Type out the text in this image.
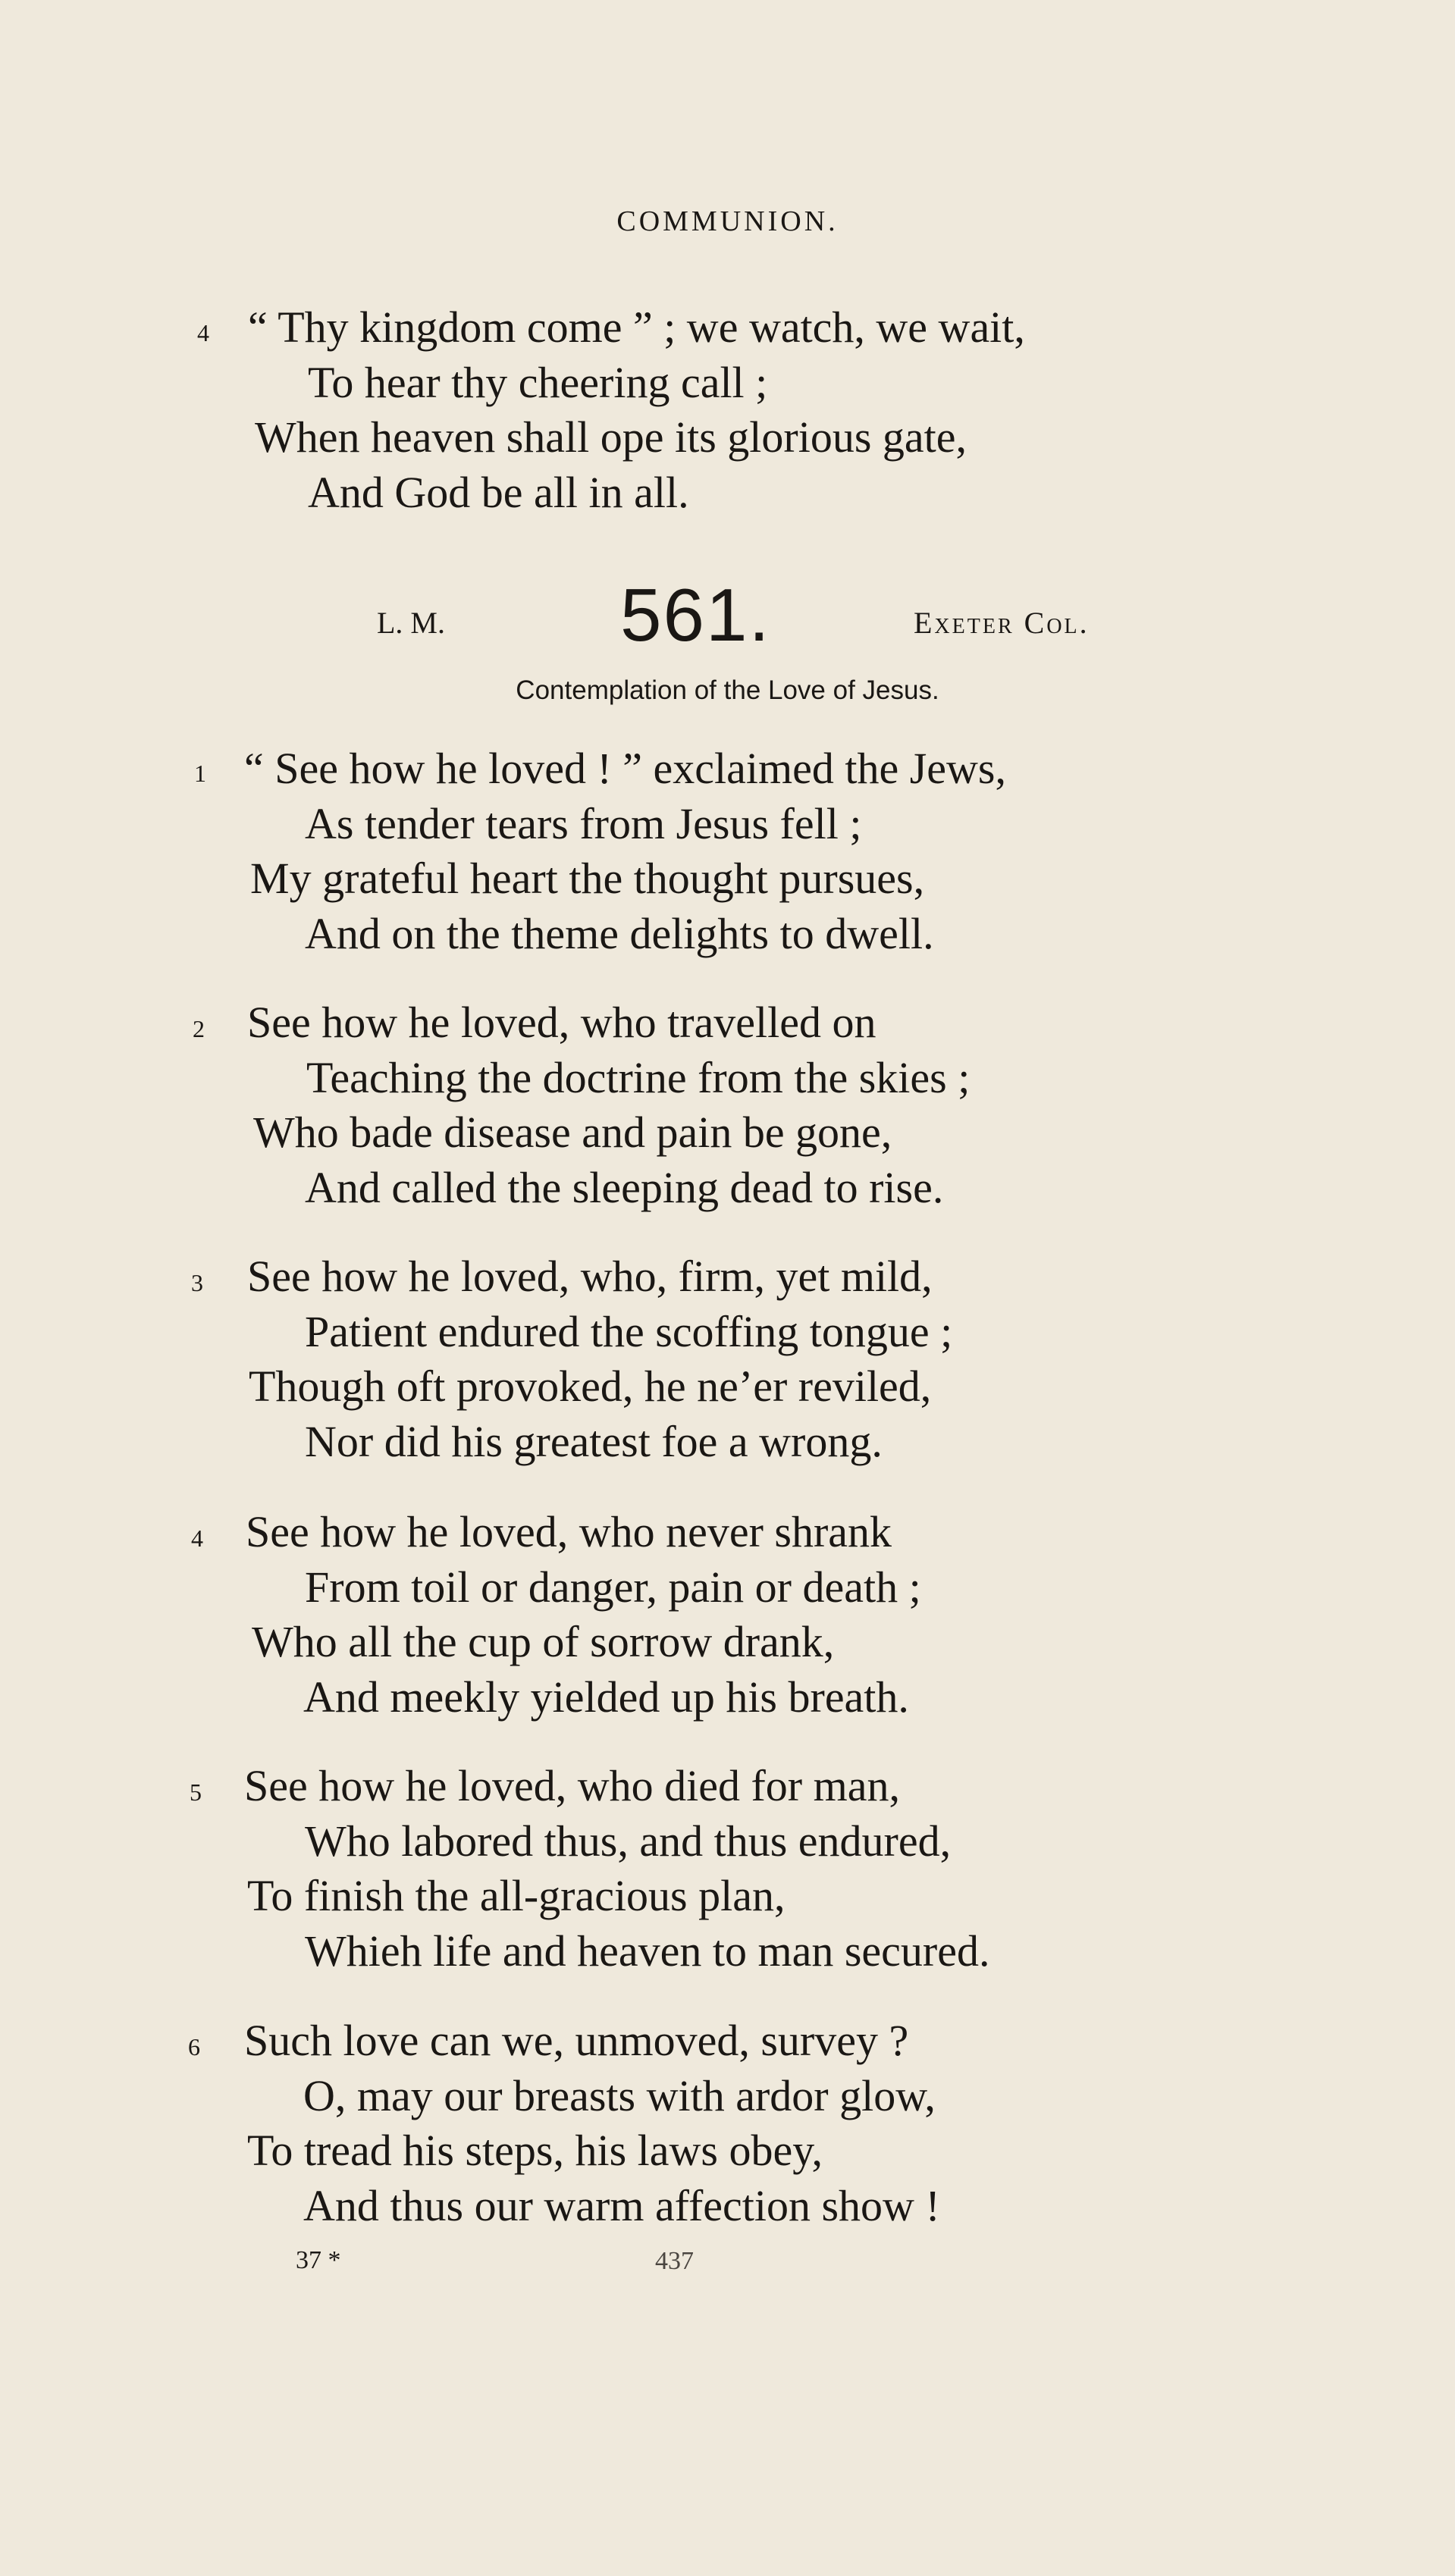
COMMUNION.
4 “ Thy kingdom come ” ; we watch, we wait,
To hear thy cheering call ;
When heaven shall ope its glorious gate,
And God be all in all.
L. M. 561.	Exeter Col.
Contemplation of the Love of Jesus.
1 “ See how he loved ! ” exclaimed the Jews,
As tender tears from Jesus fell ;
My grateful heart the thought pursues,
And on the theme delights to dwell.
2 See how he loved, who travelled on
Teaching the doctrine from the skies ;
Who bade disease and pain be gone,
And called the sleeping dead to rise.
3 See how he loved, who, firm, yet mild,
Patient endured the scoffing tongue ;
Though oft provoked, he ne’er reviled,
Nor did his greatest foe a wrong.
4 See how he loved, who never shrank
From toil or danger, pain or death ;
Who all the cup of sorrow drank,
And meekly yielded up his breath.
5 See how he loved, who died for man,
Who labored thus, and thus endured,
To finish the all-gracious plan,
Whieh life and heaven to man secured.
6 Such love can we, unmoved, survey ?
O, may our breasts with ardor glow,
To tread his steps, his laws obey,
And thus our warm affection show !
37 *	437
